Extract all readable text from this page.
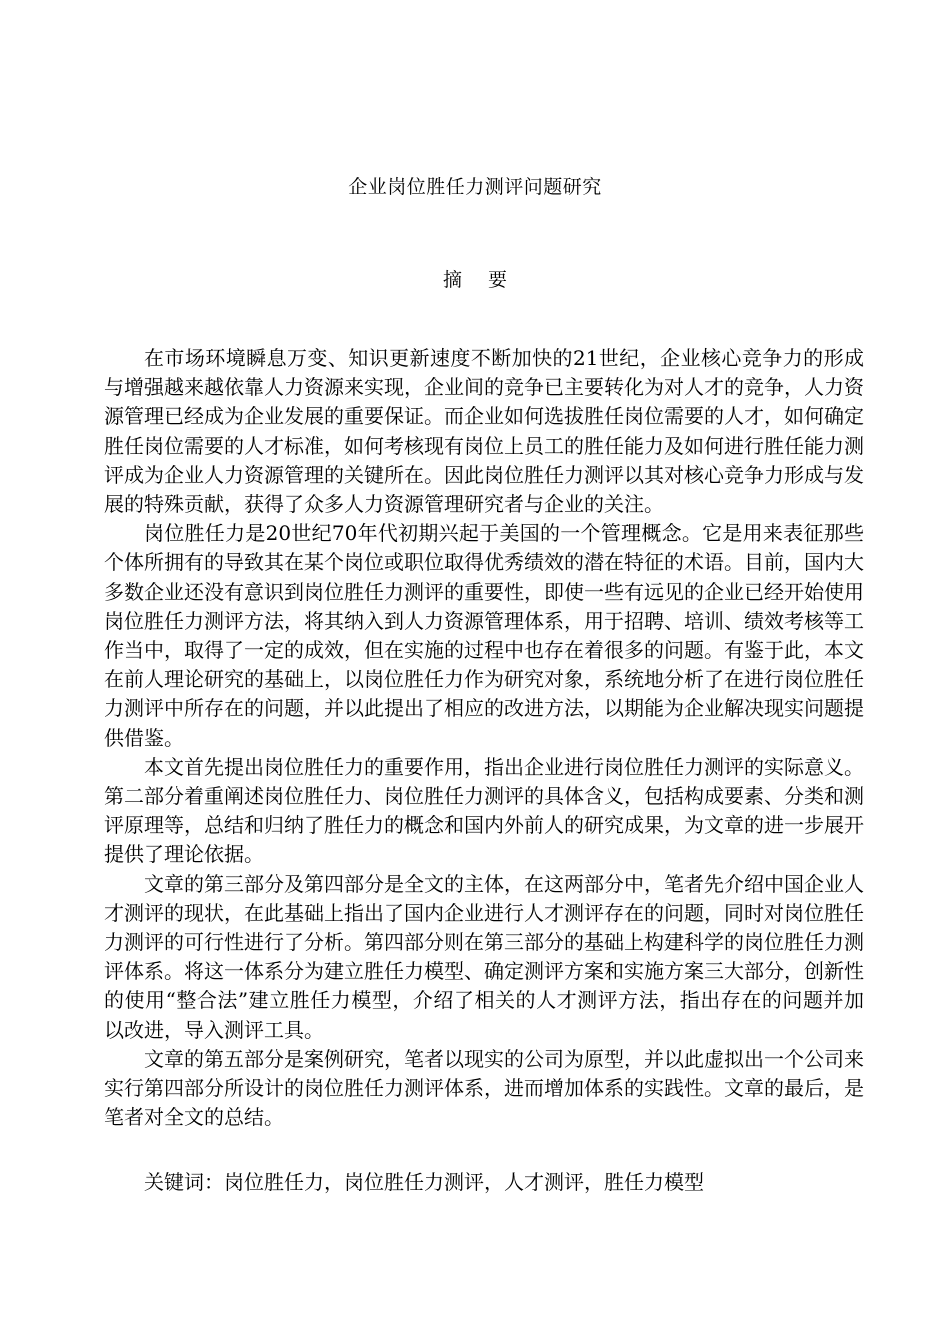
企业岗位胜任力测评问题研究
摘 要

在市场环境瞬息万变、知识更新速度不断加快的21世纪，企业核心竞争力的形成与增强越来越依靠人力资源来实现，企业间的竞争已主要转化为对人才的竞争，人力资源管理已经成为企业发展的重要保证。而企业如何选拔胜任岗位需要的人才，如何确定胜任岗位需要的人才标准，如何考核现有岗位上员工的胜任能力及如何进行胜任能力测评成为企业人力资源管理的关键所在。因此岗位胜任力测评以其对核心竞争力形成与发展的特殊贡献，获得了众多人力资源管理研究者与企业的关注。

岗位胜任力是20世纪70年代初期兴起于美国的一个管理概念。它是用来表征那些个体所拥有的导致其在某个岗位或职位取得优秀绩效的潜在特征的术语。目前，国内大多数企业还没有意识到岗位胜任力测评的重要性，即使一些有远见的企业已经开始使用岗位胜任力测评方法，将其纳入到人力资源管理体系，用于招聘、培训、绩效考核等工作当中，取得了一定的成效，但在实施的过程中也存在着很多的问题。有鉴于此，本文在前人理论研究的基础上，以岗位胜任力作为研究对象，系统地分析了在进行岗位胜任力测评中所存在的问题，并以此提出了相应的改进方法，以期能为企业解决现实问题提供借鉴。

本文首先提出岗位胜任力的重要作用，指出企业进行岗位胜任力测评的实际意义。第二部分着重阐述岗位胜任力、岗位胜任力测评的具体含义，包括构成要素、分类和测评原理等，总结和归纳了胜任力的概念和国内外前人的研究成果，为文章的进一步展开提供了理论依据。

文章的第三部分及第四部分是全文的主体，在这两部分中，笔者先介绍中国企业人才测评的现状，在此基础上指出了国内企业进行人才测评存在的问题，同时对岗位胜任力测评的可行性进行了分析。第四部分则在第三部分的基础上构建科学的岗位胜任力测评体系。将这一体系分为建立胜任力模型、确定测评方案和实施方案三大部分，创新性的使用“整合法”建立胜任力模型，介绍了相关的人才测评方法，指出存在的问题并加以改进，导入测评工具。

文章的第五部分是案例研究，笔者以现实的公司为原型，并以此虚拟出一个公司来实行第四部分所设计的岗位胜任力测评体系，进而增加体系的实践性。文章的最后，是笔者对全文的总结。

关键词：岗位胜任力，岗位胜任力测评，人才测评，胜任力模型
